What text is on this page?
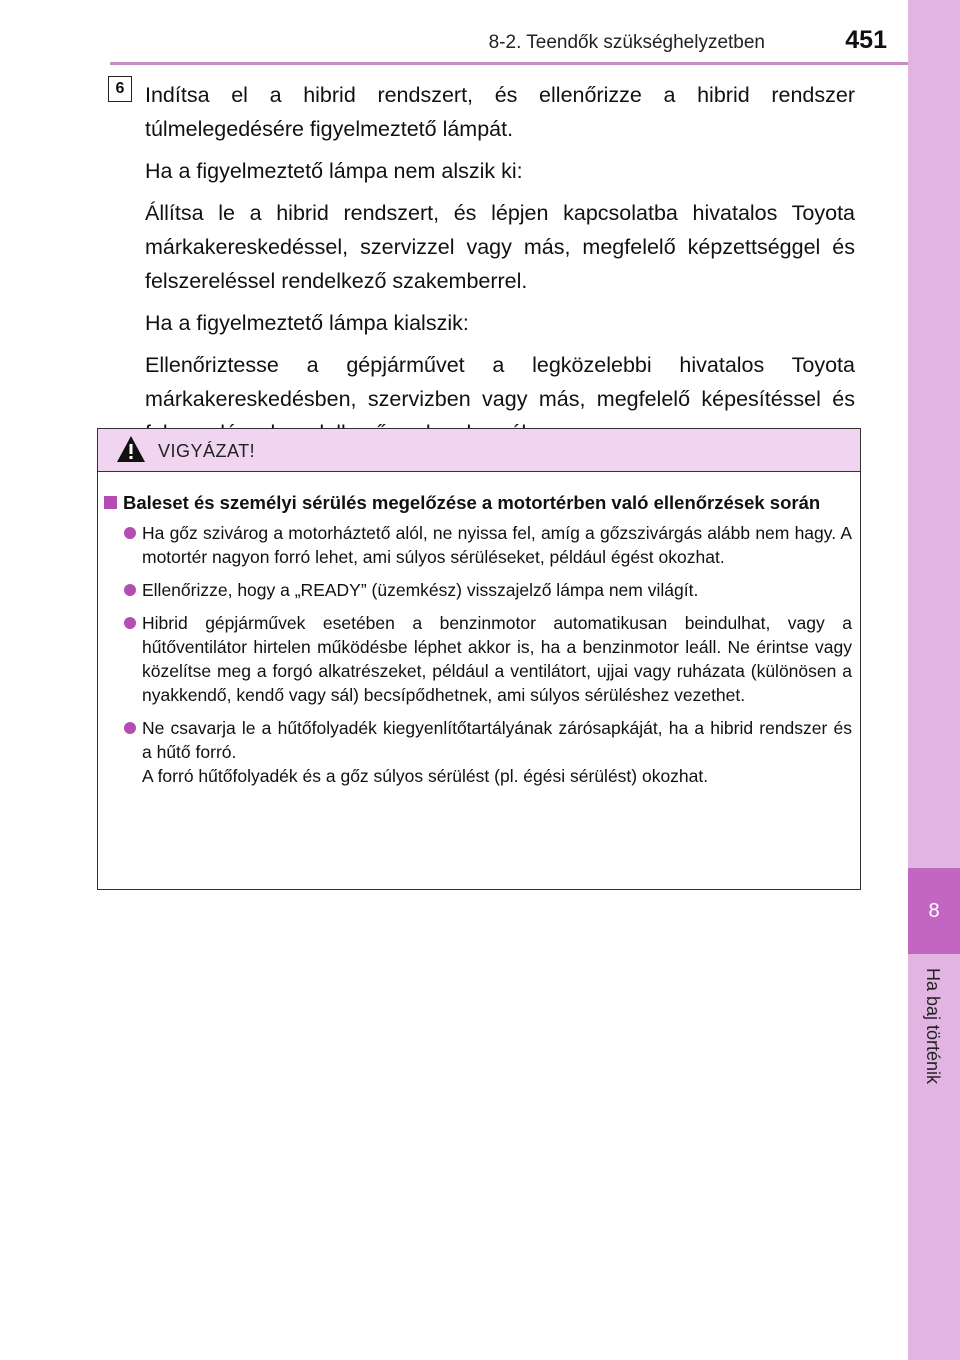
8-2. Teendők szükséghelyzetben	451
8
Ha baj történik
6 Indítsa el a hibrid rendszert, és ellenőrizze a hibrid rendszer túlmelegedésére figyelmeztető lámpát.

Ha a figyelmeztető lámpa nem alszik ki:

Állítsa le a hibrid rendszert, és lépjen kapcsolatba hivatalos Toyota márkakereskedéssel, szervizzel vagy más, megfelelő képzettséggel és felszereléssel rendelkező szakemberrel.

Ha a figyelmeztető lámpa kialszik:

Ellenőriztesse a gépjárművet a legközelebbi hivatalos Toyota márkakereskedésben, szervizben vagy más, megfelelő képesítéssel és

VIGYÁZAT!
Baleset és személyi sérülés megelőzése a motortérben való ellenőrzések során
Ha gőz szivárog a motorháztető alól, ne nyissa fel, amíg a gőzszivárgás alább nem hagy. A motortér nagyon forró lehet, ami súlyos sérüléseket, például égést okozhat.
Ellenőrizze, hogy a „READY” (üzemkész) visszajelző lámpa nem világít.
Hibrid gépjárművek esetében a benzinmotor automatikusan beindulhat, vagy a hűtőventilátor hirtelen működésbe léphet akkor is, ha a benzinmotor leáll. Ne érintse vagy közelítse meg a forgó alkatrészeket, például a ventilátort, ujjai vagy ruházata (különösen a nyakkendő, kendő vagy sál) becsípődhetnek, ami súlyos sérüléshez vezethet.
Ne csavarja le a hűtőfolyadék kiegyenlítőtartályának zárósapkáját, ha a hibrid rendszer és a hűtő forró.
A forró hűtőfolyadék és a gőz súlyos sérülést (pl. égési sérülést) okozhat.
